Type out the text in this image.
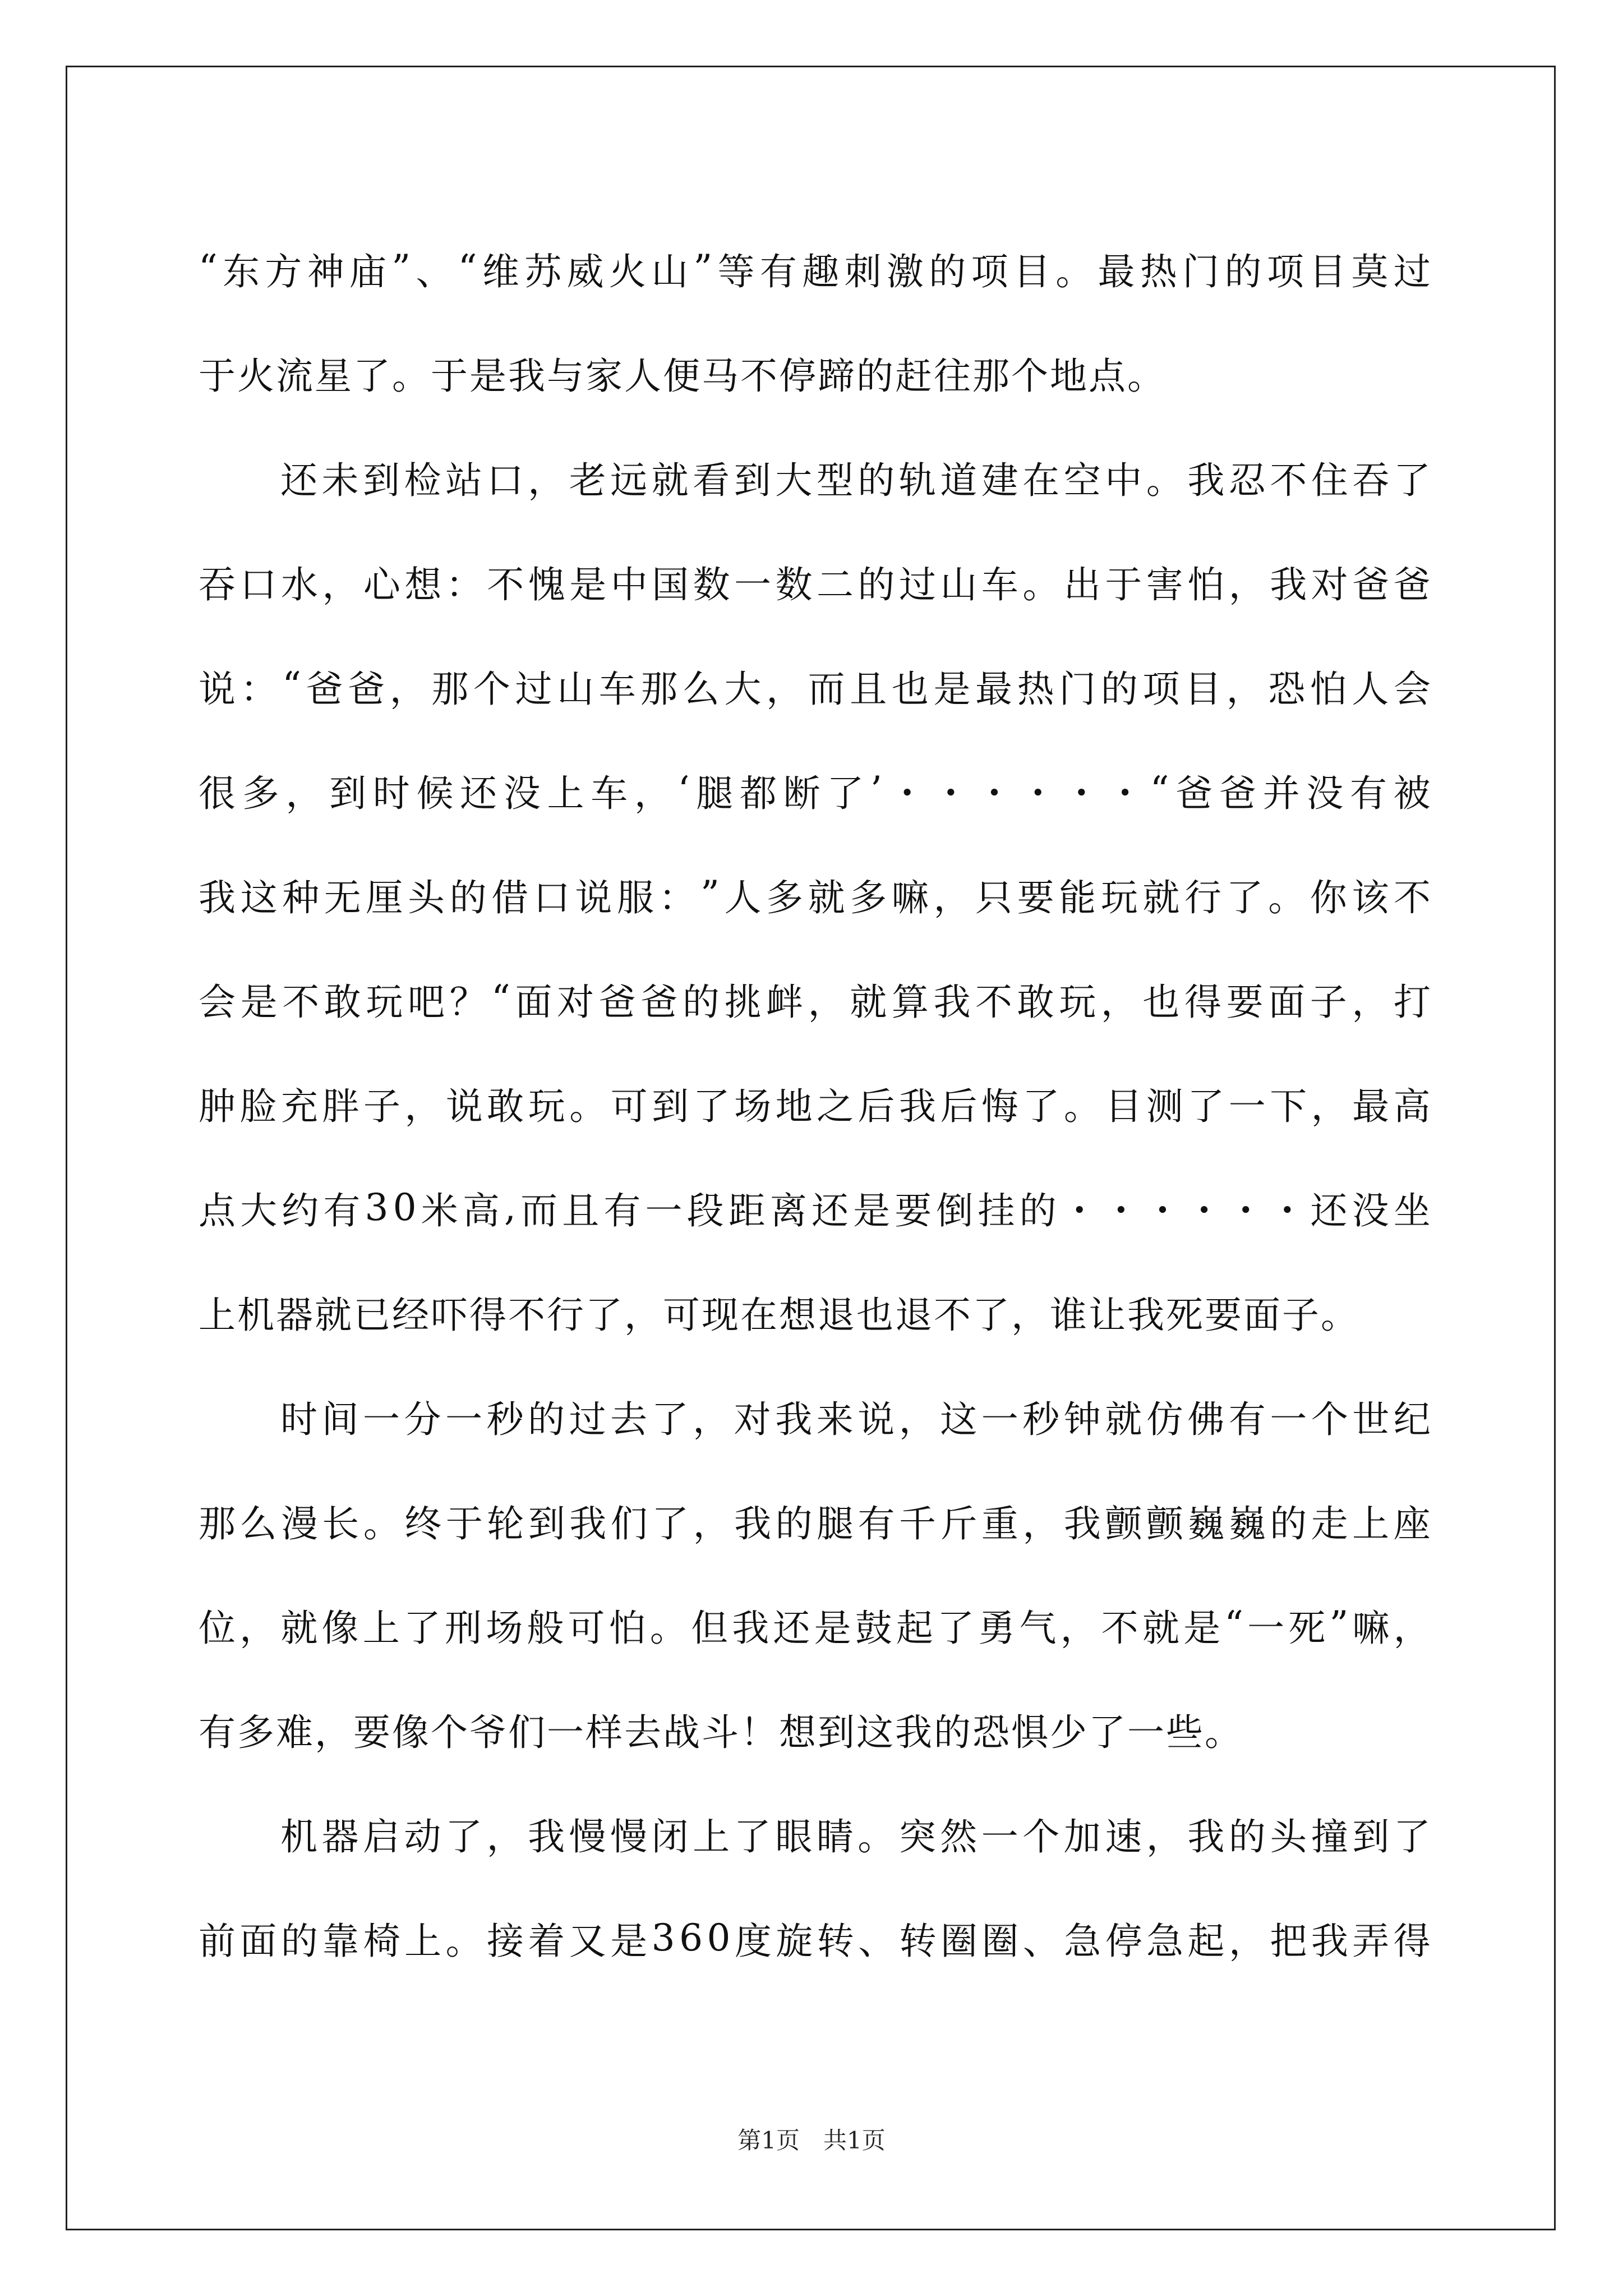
“ 东 方 神 庙 ” 、 “ 维 苏 威 火 山 ” 等 有 趣 刺 激 的 项 目 。 最 热 门 的 项 目 莫 过
于火流星了。于是我与家人便马不停蹄的赶往那个地点。
还 未 到 检 站 口 ， 老 远 就 看 到 大 型 的 轨 道 建 在 空 中 。 我 忍 不 住 吞 了
吞 口 水 ， 心 想 ： 不 愧 是 中 国 数 一 数 二 的 过 山 车 。 出 于 害 怕 ， 我 对 爸 爸
说 ： “ 爸 爸 ， 那 个 过 山 车 那 么 大 ， 而 且 也 是 最 热 门 的 项 目 ， 恐 怕 人 会
很 多 ， 到 时 候 还 没 上 车 ， ‘ 腿 都 断 了 ’ ・ ・ ・ ・ ・ ・ “ 爸 爸 并 没 有 被
我 这 种 无 厘 头 的 借 口 说 服 ： ” 人 多 就 多 嘛 ， 只 要 能 玩 就 行 了 。 你 该 不
会 是 不 敢 玩 吧 ？ “ 面 对 爸 爸 的 挑 衅 ， 就 算 我 不 敢 玩 ， 也 得 要 面 子 ， 打
肿 脸 充 胖 子 ， 说 敢 玩 。 可 到 了 场 地 之 后 我 后 悔 了 。 目 测 了 一 下 ， 最 高
点 大 约 有 3 0 米 高 , 而 且 有 一 段 距 离 还 是 要 倒 挂 的 ・ ・ ・ ・ ・ ・ 还 没 坐
上机器就已经吓得不行了，可现在想退也退不了，谁让我死要面子。
时 间 一 分 一 秒 的 过 去 了 ， 对 我 来 说 ， 这 一 秒 钟 就 仿 佛 有 一 个 世 纪
那 么 漫 长 。 终 于 轮 到 我 们 了 ， 我 的 腿 有 千 斤 重 ， 我 颤 颤 巍 巍 的 走 上 座
位 ， 就 像 上 了 刑 场 般 可 怕 。 但 我 还 是 鼓 起 了 勇 气 ， 不 就 是 “ 一 死 ” 嘛 ，
有多难，要像个爷们一样去战斗！想到这我的恐惧少了一些。
机 器 启 动 了 ， 我 慢 慢 闭 上 了 眼 睛 。 突 然 一 个 加 速 ， 我 的 头 撞 到 了
前 面 的 靠 椅 上 。 接 着 又 是 3 6 0 度 旋 转 、 转 圈 圈 、 急 停 急 起 ， 把 我 弄 得
第1页　共1页
